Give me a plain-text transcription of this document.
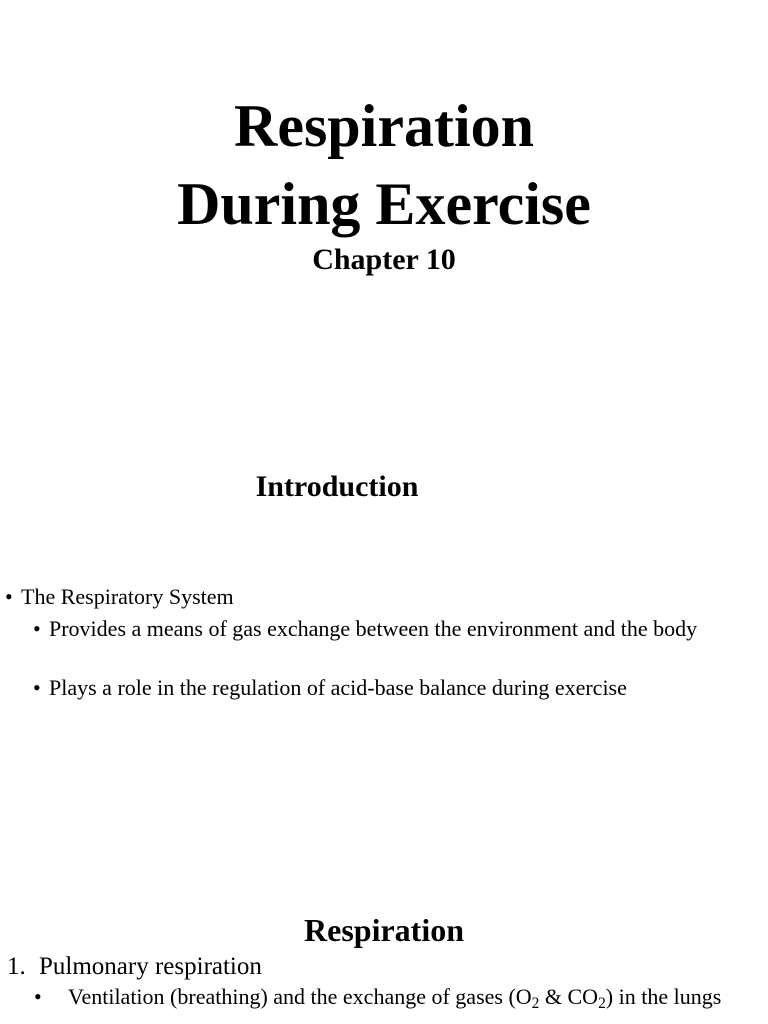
Respiration
During Exercise
Chapter 10
Introduction
• The Respiratory System
• Provides a means of gas exchange between the environment and the body
• Plays a role in the regulation of acid-base balance during exercise
Respiration
1. Pulmonary respiration
• Ventilation (breathing) and the exchange of gases ($O_2$ & $CO_2$) in the lungs
